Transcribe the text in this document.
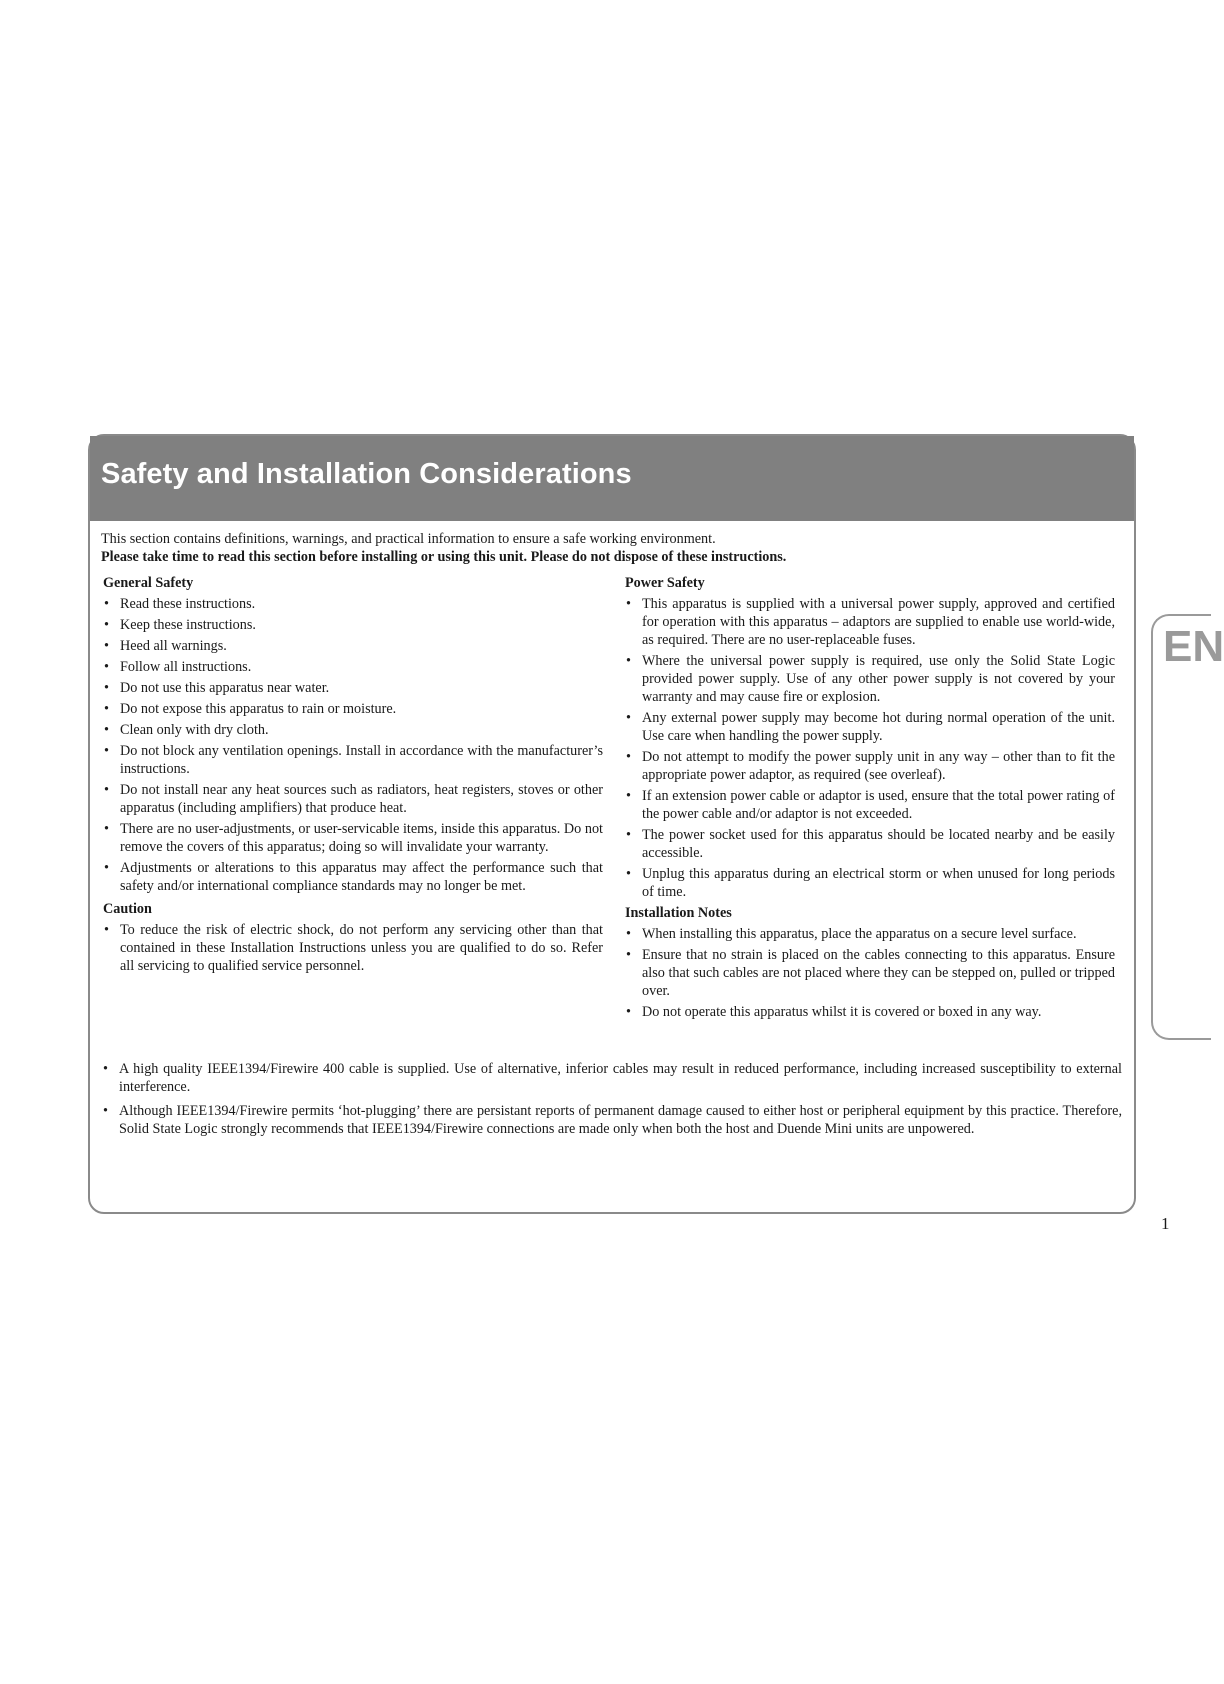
Safety and Installation Considerations
This section contains definitions, warnings, and practical information to ensure a safe working environment.
Please take time to read this section before installing or using this unit. Please do not dispose of these instructions.
General Safety
• Read these instructions.
• Keep these instructions.
• Heed all warnings.
• Follow all instructions.
• Do not use this apparatus near water.
• Do not expose this apparatus to rain or moisture.
• Clean only with dry cloth.
• Do not block any ventilation openings. Install in accordance with the manufacturer’s instructions.
• Do not install near any heat sources such as radiators, heat registers, stoves or other apparatus (including amplifiers) that produce heat.
• There are no user-adjustments, or user-servicable items, inside this apparatus. Do not remove the covers of this apparatus; doing so will invalidate your warranty.
• Adjustments or alterations to this apparatus may affect the performance such that safety and/or international compliance standards may no longer be met.
Caution
• To reduce the risk of electric shock, do not perform any servicing other than that contained in these Installation Instructions unless you are qualified to do so. Refer all servicing to qualified service personnel.
Power Safety
• This apparatus is supplied with a universal power supply, approved and certified for operation with this apparatus – adaptors are supplied to enable use world-wide, as required. There are no user-replaceable fuses.
• Where the universal power supply is required, use only the Solid State Logic provided power supply. Use of any other power supply is not covered by your warranty and may cause fire or explosion.
• Any external power supply may become hot during normal operation of the unit. Use care when handling the power supply.
• Do not attempt to modify the power supply unit in any way – other than to fit the appropriate power adaptor, as required (see overleaf).
• If an extension power cable or adaptor is used, ensure that the total power rating of the power cable and/or adaptor is not exceeded.
• The power socket used for this apparatus should be located nearby and be easily accessible.
• Unplug this apparatus during an electrical storm or when unused for long periods of time.
Installation Notes
• When installing this apparatus, place the apparatus on a secure level surface.
• Ensure that no strain is placed on the cables connecting to this apparatus. Ensure also that such cables are not placed where they can be stepped on, pulled or tripped over.
• Do not operate this apparatus whilst it is covered or boxed in any way.
• A high quality IEEE1394/Firewire 400 cable is supplied. Use of alternative, inferior cables may result in reduced performance, including increased susceptibility to external interference.
• Although IEEE1394/Firewire permits ‘hot-plugging’ there are persistant reports of permanent damage caused to either host or peripheral equipment by this practice. Therefore, Solid State Logic strongly recommends that IEEE1394/Firewire connections are made only when both the host and Duende Mini units are unpowered.
EN
1
